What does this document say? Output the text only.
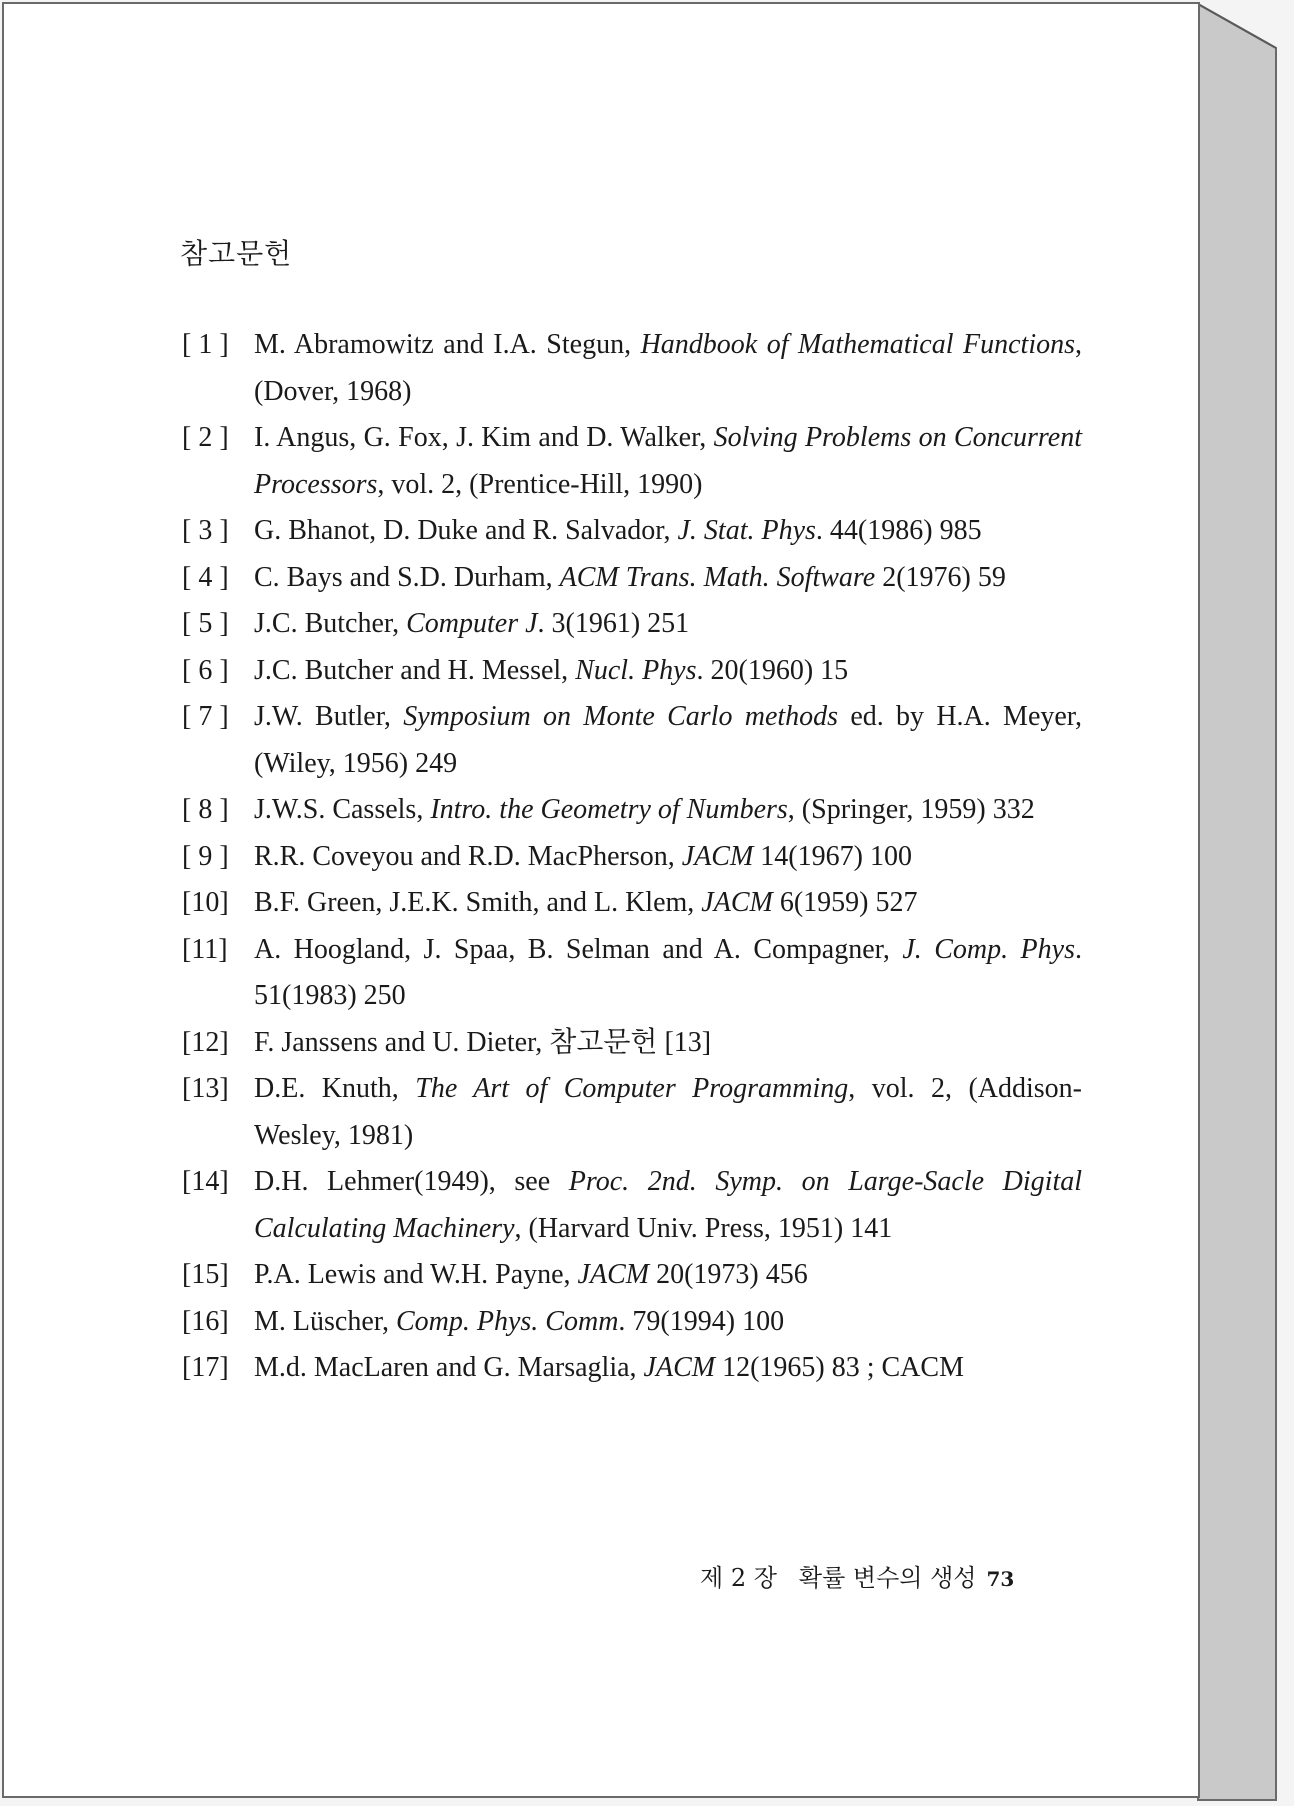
참고문헌
[ 1 ] M. Abramowitz and I.A. Stegun, Handbook of Mathematical Functions, (Dover, 1968)
[ 2 ] I. Angus, G. Fox, J. Kim and D. Walker, Solving Problems on Concurrent Processors, vol. 2, (Prentice-Hill, 1990)
[ 3 ] G. Bhanot, D. Duke and R. Salvador, J. Stat. Phys. 44(1986) 985
[ 4 ] C. Bays and S.D. Durham, ACM Trans. Math. Software 2(1976) 59
[ 5 ] J.C. Butcher, Computer J. 3(1961) 251
[ 6 ] J.C. Butcher and H. Messel, Nucl. Phys. 20(1960) 15
[ 7 ] J.W. Butler, Symposium on Monte Carlo methods ed. by H.A. Meyer, (Wiley, 1956) 249
[ 8 ] J.W.S. Cassels, Intro. the Geometry of Numbers, (Springer, 1959) 332
[ 9 ] R.R. Coveyou and R.D. MacPherson, JACM 14(1967) 100
[10] B.F. Green, J.E.K. Smith, and L. Klem, JACM 6(1959) 527
[11] A. Hoogland, J. Spaa, B. Selman and A. Compagner, J. Comp. Phys. 51(1983) 250
[12] F. Janssens and U. Dieter, 참고문헌 [13]
[13] D.E. Knuth, The Art of Computer Programming, vol. 2, (Addison-Wesley, 1981)
[14] D.H. Lehmer(1949), see Proc. 2nd. Symp. on Large-Sacle Digital Calculating Machinery, (Harvard Univ. Press, 1951) 141
[15] P.A. Lewis and W.H. Payne, JACM 20(1973) 456
[16] M. Lüscher, Comp. Phys. Comm. 79(1994) 100
[17] M.d. MacLaren and G. Marsaglia, JACM 12(1965) 83 ; CACM
제 2 장 확률 변수의 생성 73
